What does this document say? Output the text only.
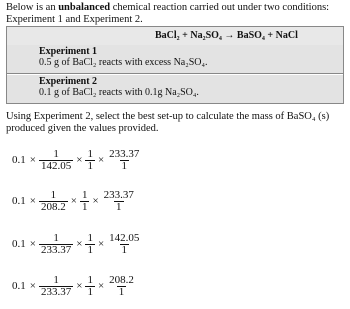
Below is an unbalanced chemical reaction carried out under two conditions: Experiment 1 and Experiment 2.
BaCl₂ + Na₂SO₄ → BaSO₄ + NaCl
Experiment 1
0.5 g of BaCl₂ reacts with excess Na₂SO₄.
Experiment 2
0.1 g of BaCl₂ reacts with 0.1g Na₂SO₄.
Using Experiment 2, select the best set-up to calculate the mass of BaSO₄ (s) produced given the values provided.
$0.1 \times \frac{1}{142.05} \times \frac{1}{1} \times \frac{233.37}{1}$
$0.1 \times \frac{1}{208.2} \times \frac{1}{1} \times \frac{233.37}{1}$
$0.1 \times \frac{1}{233.37} \times \frac{1}{1} \times \frac{142.05}{1}$
$0.1 \times \frac{1}{233.37} \times \frac{1}{1} \times \frac{208.2}{1}$
